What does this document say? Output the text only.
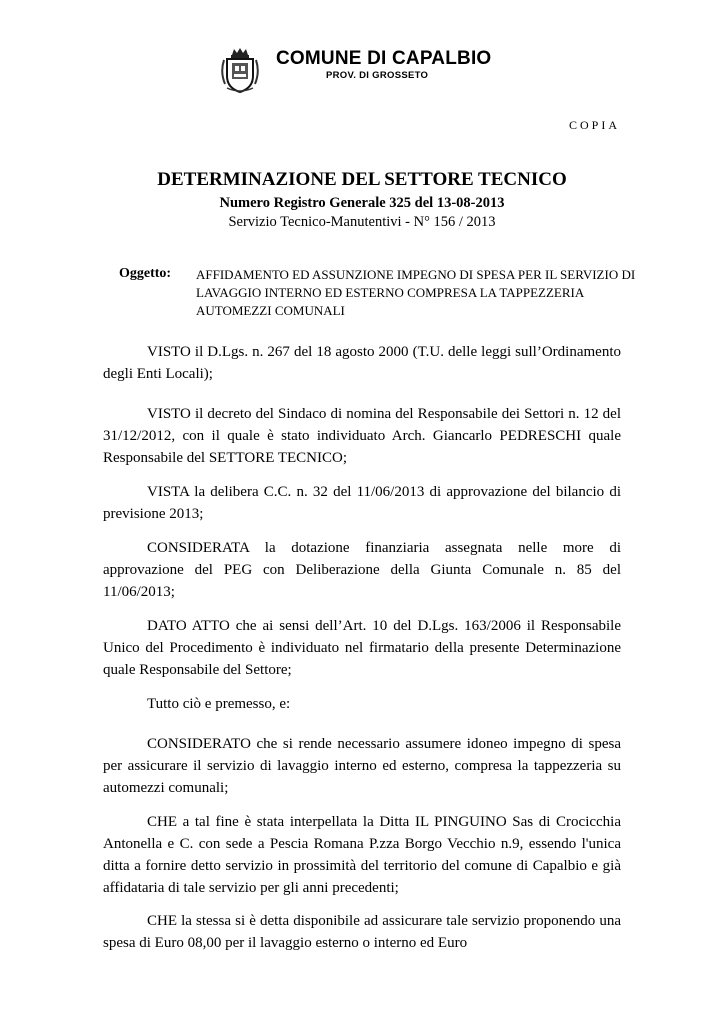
COMUNE DI CAPALBIO
PROV. DI GROSSETO
COPIA
DETERMINAZIONE DEL SETTORE TECNICO
Numero Registro Generale 325 del 13-08-2013
Servizio Tecnico-Manutentivi - N° 156 / 2013
Oggetto: AFFIDAMENTO ED ASSUNZIONE IMPEGNO DI SPESA PER IL SERVIZIO DI LAVAGGIO INTERNO ED ESTERNO COMPRESA LA TAPPEZZERIA AUTOMEZZI COMUNALI
VISTO il D.Lgs. n. 267 del 18 agosto 2000 (T.U. delle leggi sull’Ordinamento degli Enti Locali);
VISTO il decreto del Sindaco di nomina del Responsabile dei Settori n. 12 del 31/12/2012, con il quale è stato individuato Arch. Giancarlo PEDRESCHI quale Responsabile del SETTORE TECNICO;
VISTA la delibera C.C. n. 32 del 11/06/2013 di approvazione del bilancio di previsione 2013;
CONSIDERATA la dotazione finanziaria assegnata nelle more di approvazione del PEG con Deliberazione della Giunta Comunale n. 85 del 11/06/2013;
DATO ATTO che ai sensi dell’Art. 10 del D.Lgs. 163/2006 il Responsabile Unico del Procedimento è individuato nel firmatario della presente Determinazione quale Responsabile del Settore;
Tutto ciò e premesso, e:
CONSIDERATO che si rende necessario assumere idoneo impegno di spesa per assicurare il servizio di lavaggio interno ed esterno, compresa la tappezzeria su automezzi comunali;
CHE a tal fine è stata interpellata la Ditta IL PINGUINO Sas di Crocicchia Antonella e C. con sede a Pescia Romana P.zza Borgo Vecchio n.9, essendo l'unica ditta a fornire detto servizio in prossimità del territorio del comune di Capalbio e già affidataria di tale servizio per gli anni precedenti;
CHE la stessa si è detta disponibile ad assicurare tale servizio proponendo una spesa di Euro 08,00 per il lavaggio esterno o interno ed Euro
